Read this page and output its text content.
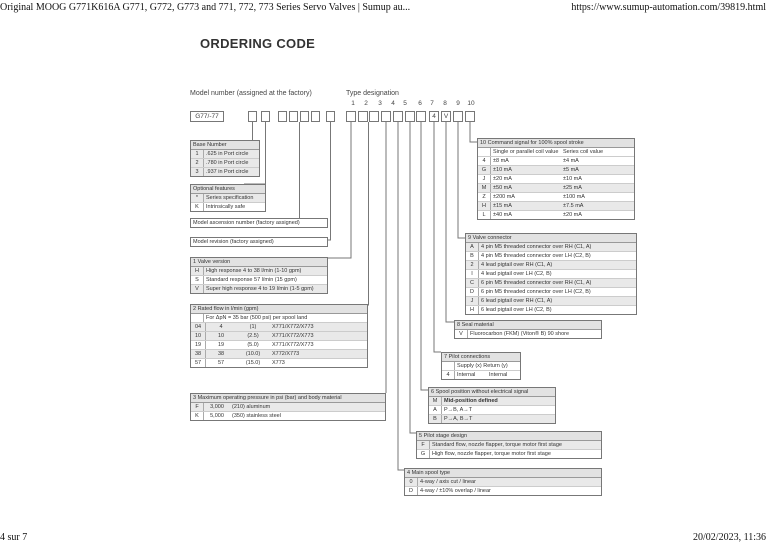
Original MOOG G771K616A G771, G772, G773 and 771, 772, 773 Series Servo Valves | Sumup au...	https://www.sumup-automation.com/39819.html
4 sur 7	20/02/2023, 11:36
ORDERING CODE
Model number (assigned at the factory)	Type designation
1	2	3	4	5	6	7	8	9	10
G77/-77	4	V
Base Number
1	.625 in Port circle
2	.780 in Port circle
3	.937 in Port circle
Optional features
*	Series specification
K	Intrinsically safe
Model ascension number (factory assigned)
Model revision (factory assigned)
1 Valve version
H	High response 4 to 38 l/min (1-10 gpm)
S	Standard response 57 l/min (15 gpm)
V	Super high response 4 to 19 l/min (1-5 gpm)
2 Rated flow in l/min (gpm)
For ΔpN = 35 bar (500 psi) per spool land
04	4	(1)	X771/X772/X773
10	10	(2.5)	X771/X772/X773
19	19	(5.0)	X771/X772/X773
38	38	(10.0)	X772/X773
57	57	(15.0)	X773
3 Maximum operating pressure in psi (bar) and body material
F	3,000	(210) aluminum
K	5,000	(350) stainless steel
10 Command signal for 100% spool stroke
Single or parallel coil value Series coil value
4	±8 mA	±4 mA
G	±10 mA	±5 mA
J	±20 mA	±10 mA
M	±50 mA	±25 mA
Z	±200 mA	±100 mA
H	±15 mA	±7.5 mA
L	±40 mA	±20 mA
9 Valve connector
A	4 pin M5 threaded connector over RH (C1, A)
B	4 pin M5 threaded connector over LH (C2, B)
2	4 lead pigtail over RH (C1, A)
I	4 lead pigtail over LH (C2, B)
C	6 pin M5 threaded connector over RH (C1, A)
D	6 pin M5 threaded connector over LH (C2, B)
J	6 lead pigtail over RH (C1, A)
H	6 lead pigtail over LH (C2, B)
8 Seal material
V	Fluorocarbon (FKM) (Viton® B) 90 shore
7 Pilot connections
Supply (x) Return (y)
4	Internal	Internal
6 Spool position without electrical signal
M	Mid-position defined
A	P→B, A→T
B	P→A, B→T
5 Pilot stage design
F	Standard flow, nozzle flapper, torque motor first stage
G	High flow, nozzle flapper, torque motor first stage
4 Main spool type
0	4-way / axis cut / linear
D	4-way / ±10% overlap / linear
